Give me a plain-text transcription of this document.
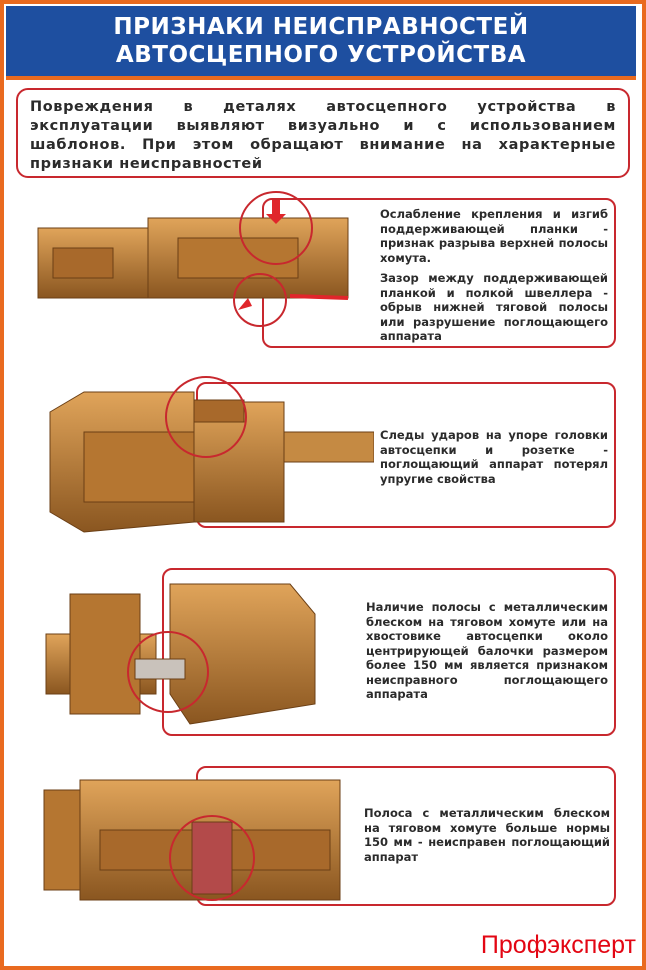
ПРИЗНАКИ НЕИСПРАВНОСТЕЙ
АВТОСЦЕПНОГО УСТРОЙСТВА

Повреждения в деталях автосцепного устройства в эксплуатации выявляют визуально и с использованием шаблонов. При этом обращают внимание на характерные признаки неисправностей

Ослабление крепления и изгиб поддерживающей планки - признак разрыва верхней полосы хомута.

Зазор между поддерживающей планкой и полкой швеллера - обрыв нижней тяговой полосы или разрушение поглощающего аппарата

Следы ударов на упоре головки автосцепки и розетке - поглощающий аппарат потерял упругие свойства

Наличие полосы с металлическим блеском на тяговом хомуте или на хвостовике автосцепки около центрирующей балочки размером более 150 мм является признаком неисправного поглощающего аппарата

Полоса с металлическим блеском на тяговом хомуте больше нормы 150 мм - неисправен поглощающий аппарат

Профэксперт
